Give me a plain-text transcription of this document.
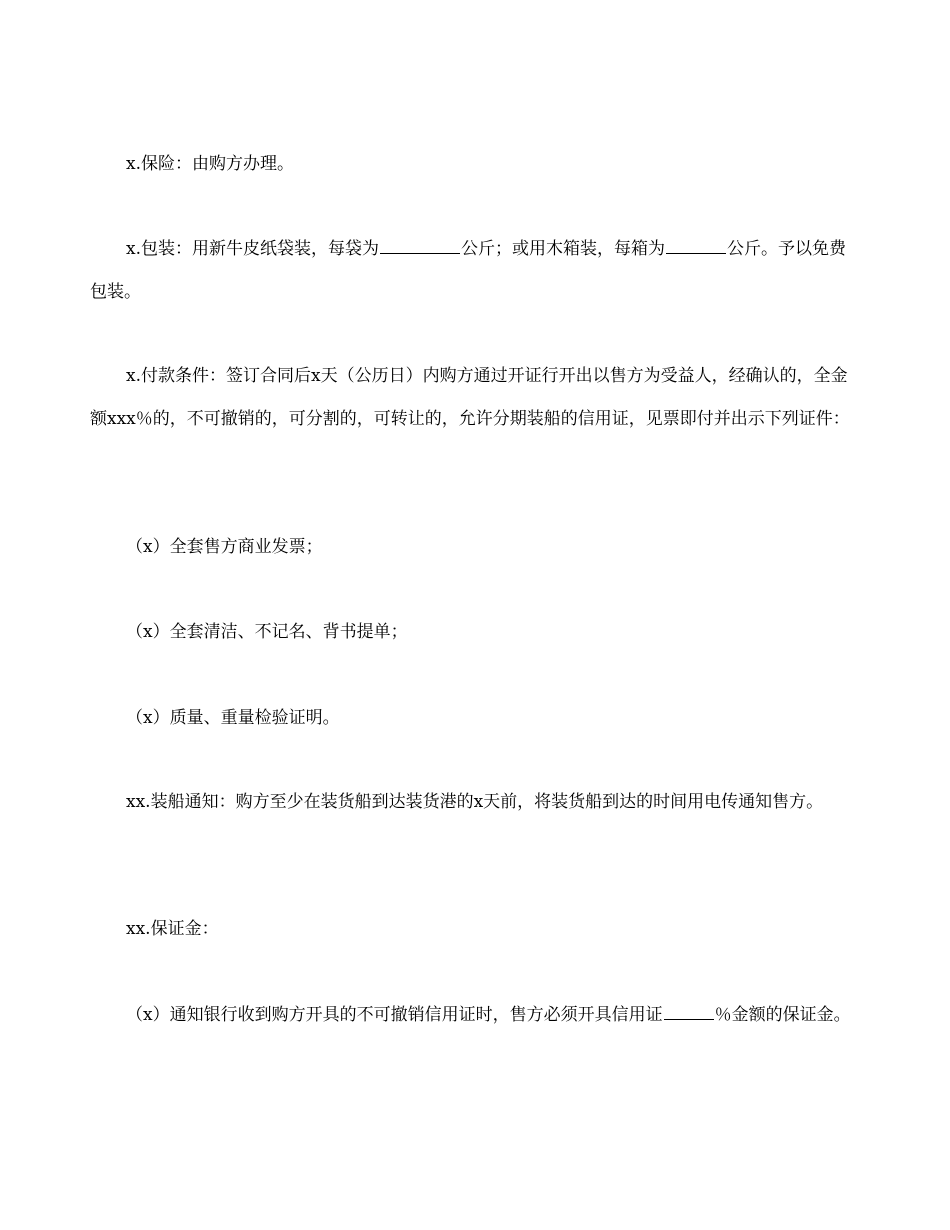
x.保险：由购方办理。

x.包装：用新牛皮纸袋装，每袋为	公斤；或用木箱装，每箱为	公斤。予以免费包装。

x.付款条件：签订合同后x天（公历日）内购方通过开证行开出以售方为受益人，经确认的，全金额xxx％的，不可撤销的，可分割的，可转让的，允许分期装船的信用证，见票即付并出示下列证件：

（x）全套售方商业发票；

（x）全套清洁、不记名、背书提单；

（x）质量、重量检验证明。

xx.装船通知：购方至少在装货船到达装货港的x天前，将装货船到达的时间用电传通知售方。

xx.保证金：

（x）通知银行收到购方开具的不可撤销信用证时，售方必须开具信用证	％金额的保证金。
